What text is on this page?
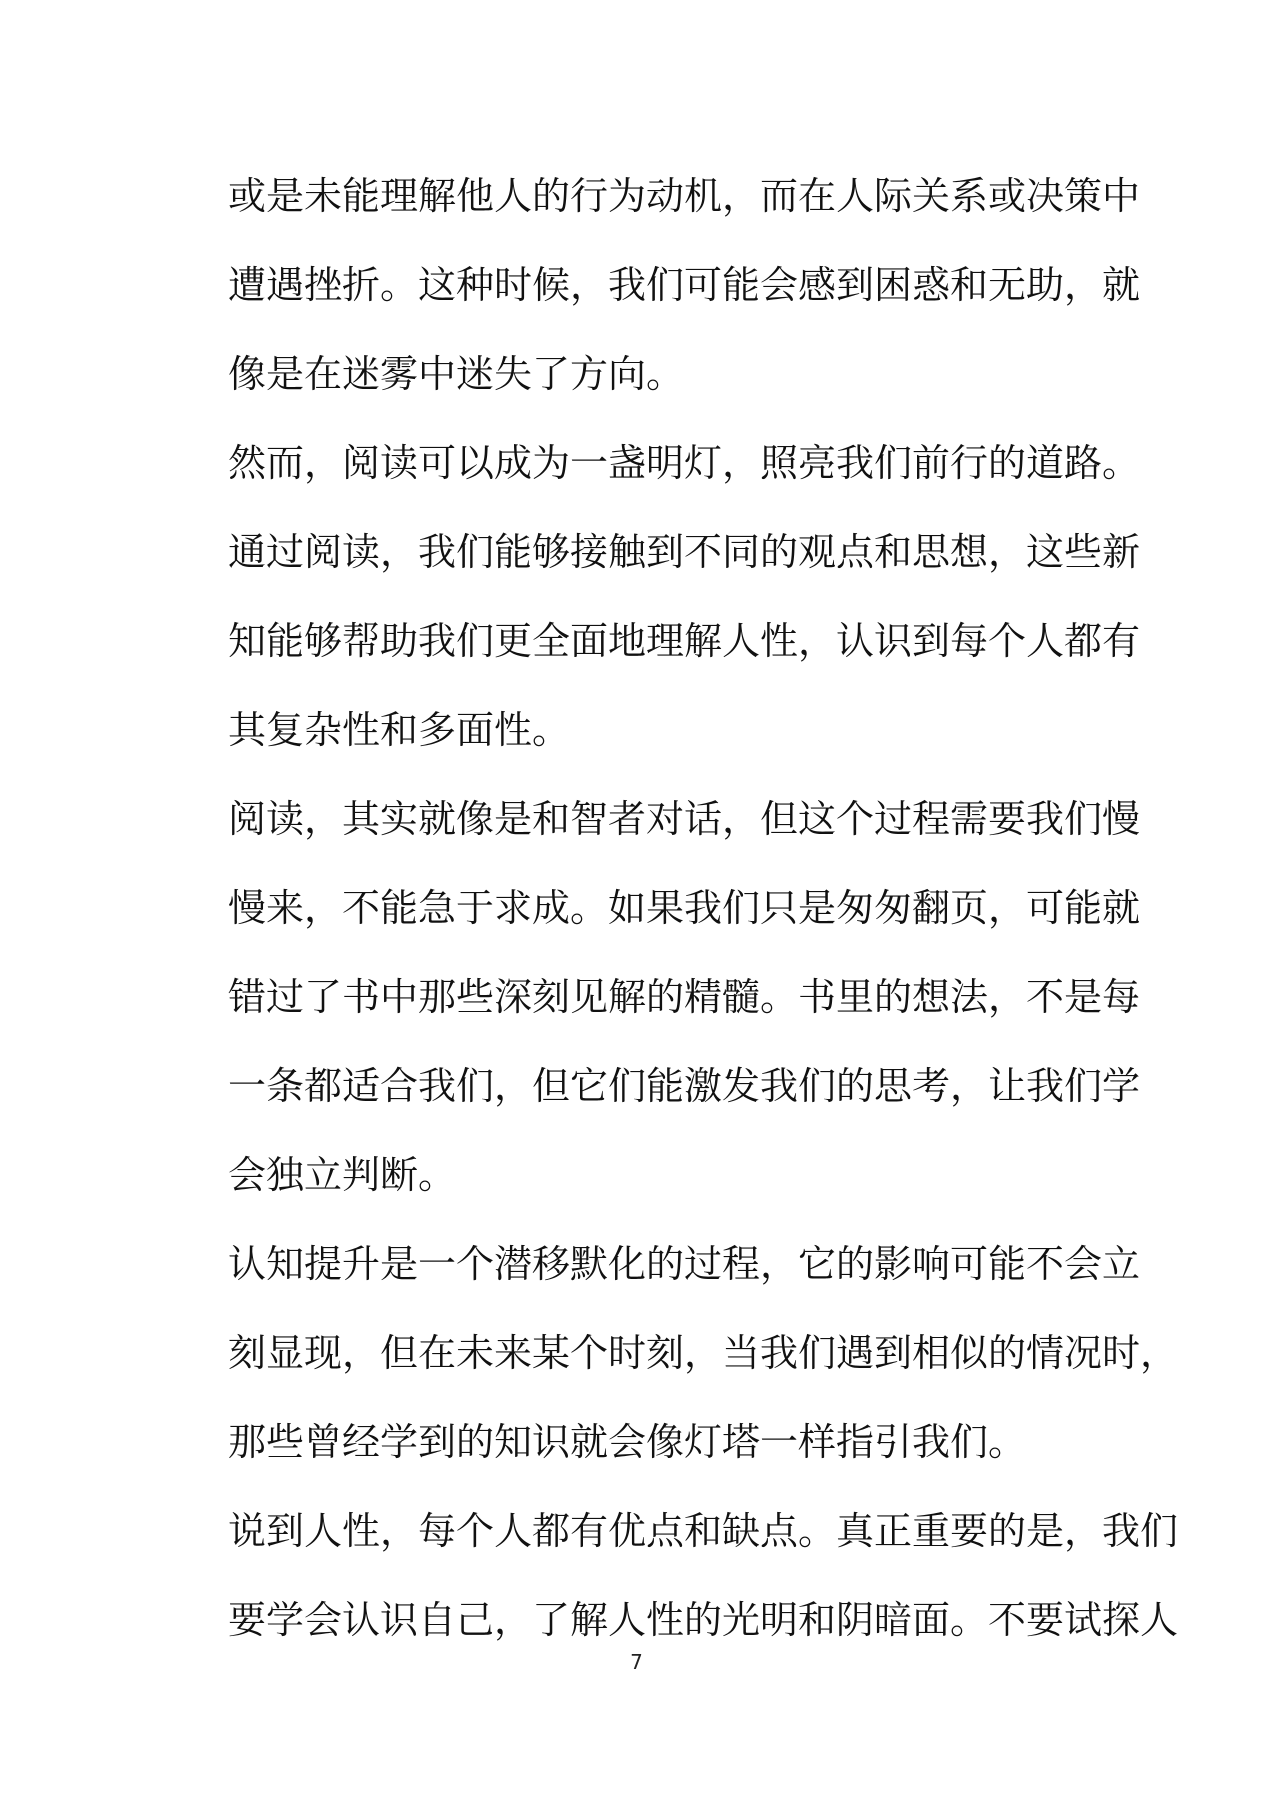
或是未能理解他人的行为动机，而在人际关系或决策中
遭遇挫折。这种时候，我们可能会感到困惑和无助，就
像是在迷雾中迷失了方向。
然而，阅读可以成为一盏明灯，照亮我们前行的道路。
通过阅读，我们能够接触到不同的观点和思想，这些新
知能够帮助我们更全面地理解人性，认识到每个人都有
其复杂性和多面性。
阅读，其实就像是和智者对话，但这个过程需要我们慢
慢来，不能急于求成。如果我们只是匆匆翻页，可能就
错过了书中那些深刻见解的精髓。书里的想法，不是每
一条都适合我们，但它们能激发我们的思考，让我们学
会独立判断。
认知提升是一个潜移默化的过程，它的影响可能不会立
刻显现，但在未来某个时刻，当我们遇到相似的情况时，
那些曾经学到的知识就会像灯塔一样指引我们。
说到人性，每个人都有优点和缺点。真正重要的是，我们
要学会认识自己，了解人性的光明和阴暗面。不要试探人
7
